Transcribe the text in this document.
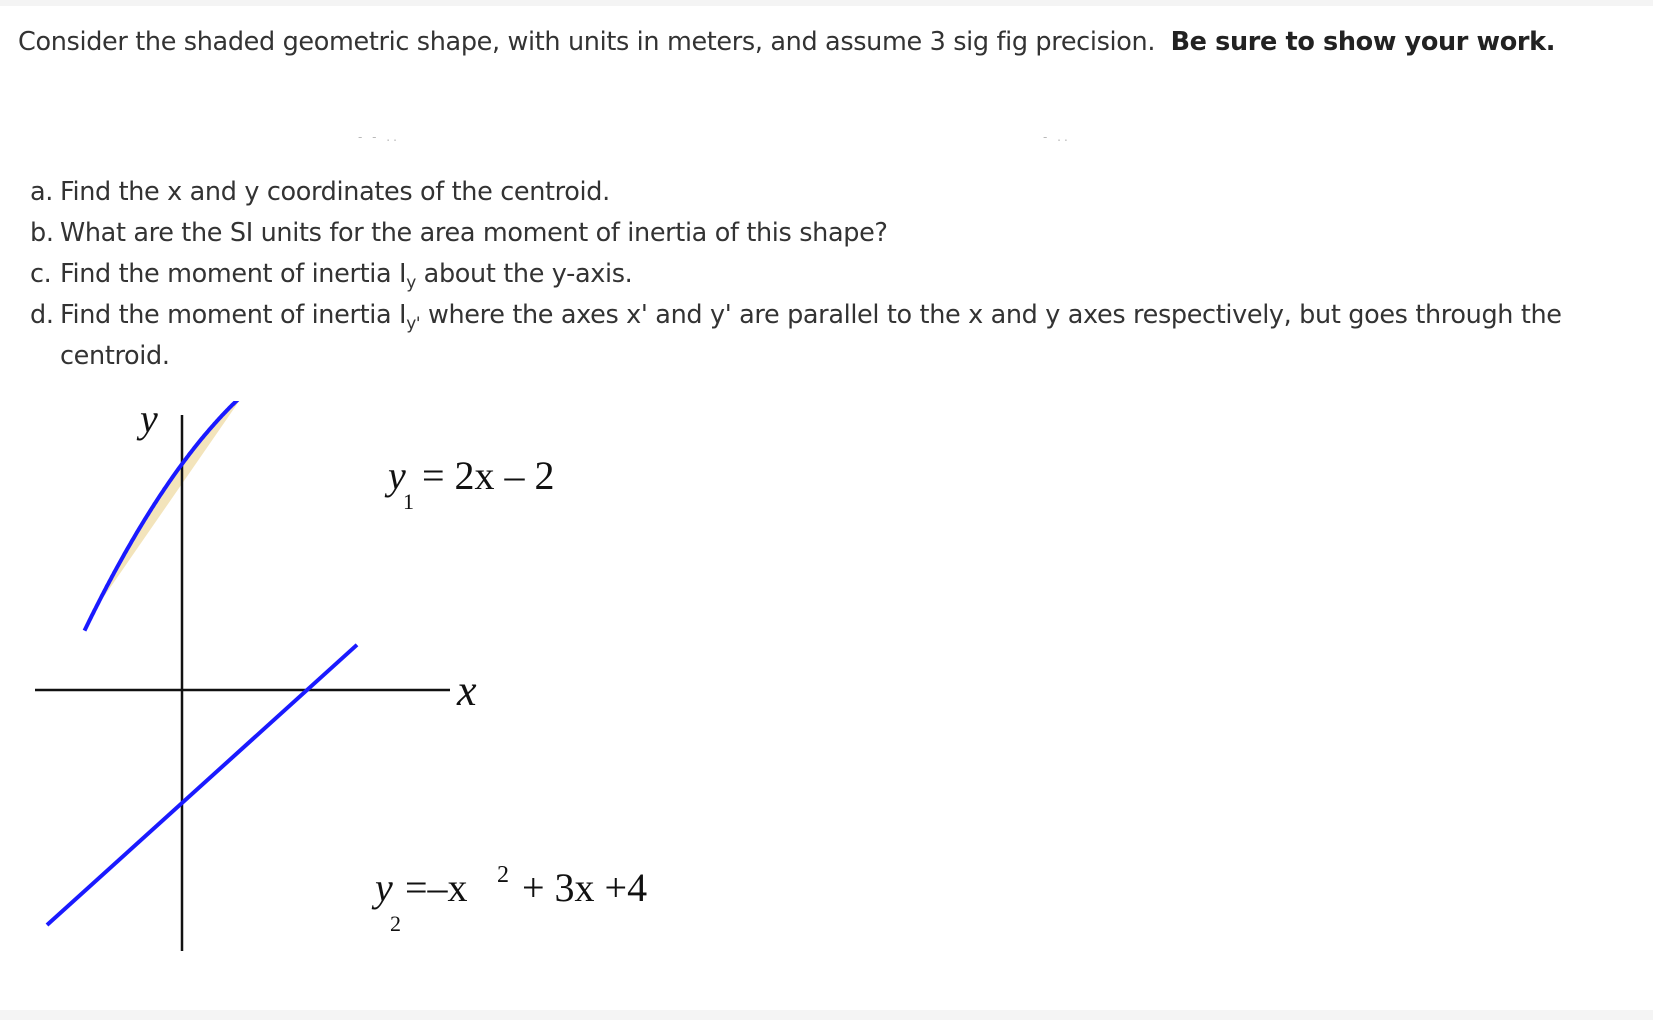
Consider the shaded geometric shape, with units in meters, and assume 3 sig fig precision. Be sure to show your work.
- - ..	- ..
a. Find the x and y coordinates of the centroid.
b. What are the SI units for the area moment of inertia of this shape?
c. Find the moment of inertia $I_y$ about the y-axis.
d. Find the moment of inertia $I_{y'}$ where the axes x' and y' are parallel to the x and y axes respectively, but goes through the centroid.
y
x
y
1
= 2x – 2
y
2
=–x 2 + 3x +4
